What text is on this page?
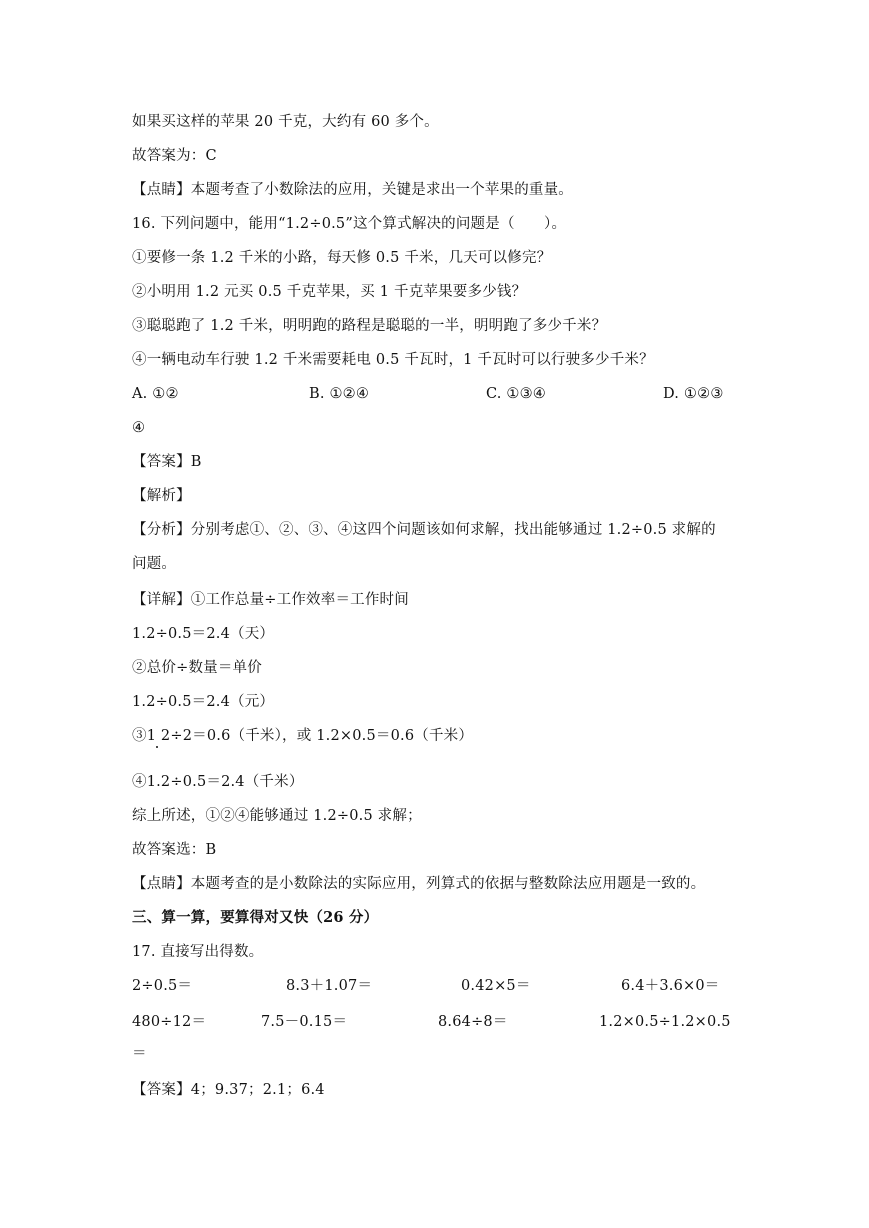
如果买这样的苹果 20 千克，大约有 60 多个。
故答案为：C
【点睛】本题考查了小数除法的应用，关键是求出一个苹果的重量。
16. 下列问题中，能用“1.2÷0.5”这个算式解决的问题是（　　）。
①要修一条 1.2 千米的小路，每天修 0.5 千米，几天可以修完？
②小明用 1.2 元买 0.5 千克苹果，买 1 千克苹果要多少钱？
③聪聪跑了 1.2 千米，明明跑的路程是聪聪的一半，明明跑了多少千米？
④一辆电动车行驶 1.2 千米需要耗电 0.5 千瓦时，1 千瓦时可以行驶多少千米？
A. ①②	B. ①②④	C. ①③④	D. ①②③
④
【答案】B
【解析】
【分析】分别考虑①、②、③、④这四个问题该如何求解，找出能够通过 1.2÷0.5 求解的
问题。
【详解】①工作总量÷工作效率＝工作时间
1.2÷0.5＝2.4（天）
②总价÷数量＝单价
1.2÷0.5＝2.4（元）
③1 2÷2＝0.6（千米），或 1.2×0.5＝0.6（千米）
④1.2÷0.5＝2.4（千米）
综上所述，①②④能够通过 1.2÷0.5 求解；
故答案选：B
【点睛】本题考查的是小数除法的实际应用，列算式的依据与整数除法应用题是一致的。
三、算一算，要算得对又快（26 分）
17. 直接写出得数。
2÷0.5＝	8.3＋1.07＝	0.42×5＝	6.4＋3.6×0＝
480÷12＝	7.5－0.15＝	8.64÷8＝	1.2×0.5÷1.2×0.5
＝
【答案】4；9.37；2.1；6.4
